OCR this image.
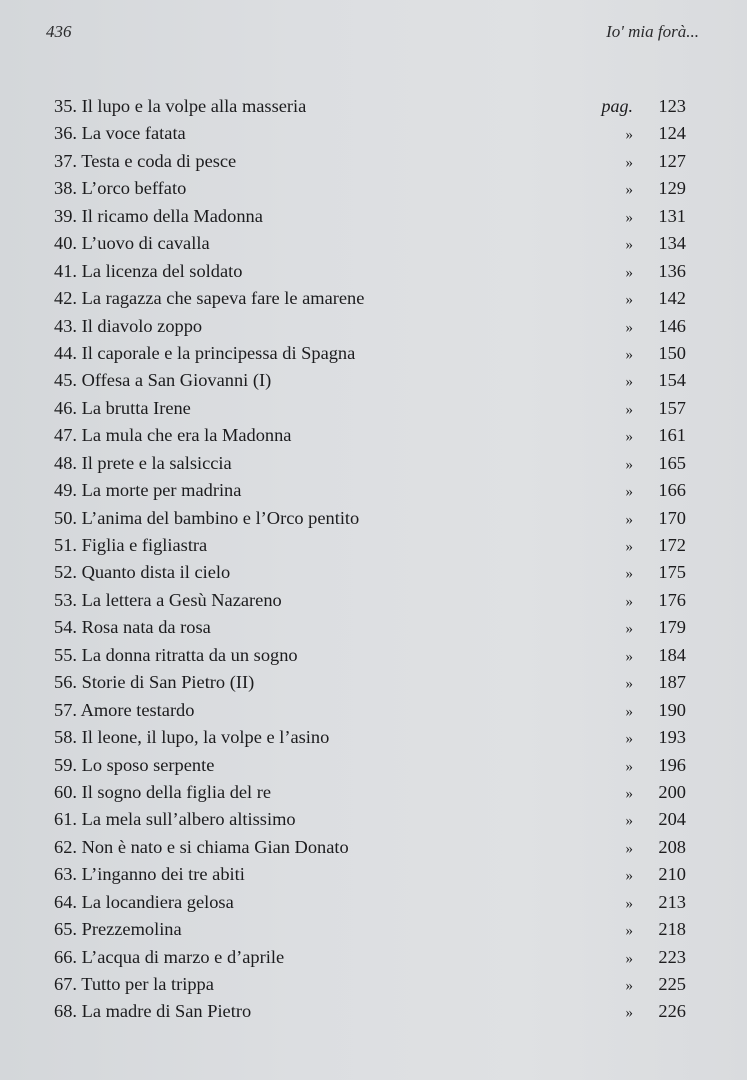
436	Io' mia forà...
35. Il lupo e la volpe alla masseria	pag.	123
36. La voce fatata	»	124
37. Testa e coda di pesce	»	127
38. L’orco beffato	»	129
39. Il ricamo della Madonna	»	131
40. L’uovo di cavalla	»	134
41. La licenza del soldato	»	136
42. La ragazza che sapeva fare le amarene	»	142
43. Il diavolo zoppo	»	146
44. Il caporale e la principessa di Spagna	»	150
45. Offesa a San Giovanni (I)	»	154
46. La brutta Irene	»	157
47. La mula che era la Madonna	»	161
48. Il prete e la salsiccia	»	165
49. La morte per madrina	»	166
50. L’anima del bambino e l’Orco pentito	»	170
51. Figlia e figliastra	»	172
52. Quanto dista il cielo	»	175
53. La lettera a Gesù Nazareno	»	176
54. Rosa nata da rosa	»	179
55. La donna ritratta da un sogno	»	184
56. Storie di San Pietro (II)	»	187
57. Amore testardo	»	190
58. Il leone, il lupo, la volpe e l’asino	»	193
59. Lo sposo serpente	»	196
60. Il sogno della figlia del re	»	200
61. La mela sull’albero altissimo	»	204
62. Non è nato e si chiama Gian Donato	»	208
63. L’inganno dei tre abiti	»	210
64. La locandiera gelosa	»	213
65. Prezzemolina	»	218
66. L’acqua di marzo e d’aprile	»	223
67. Tutto per la trippa	»	225
68. La madre di San Pietro	»	226
